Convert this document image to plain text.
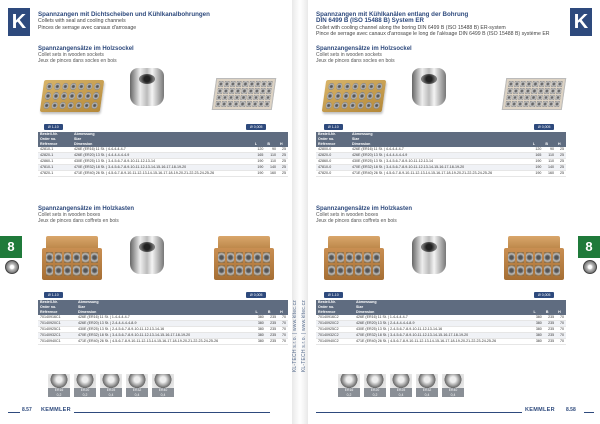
K	Spannzangen mit Dichtscheiben und Kühlkanalbohrungen
Collets with seal and cooling channels
Pinces de serrage avec canaux d'arrosage
Spannzangensätze im Holzsockel
Collet sets in wooden sockets
Jeux de pinces dans socles en bois
Ø 1-10	Ø 0,005
Bestell-Nr.
Order no.
Référence	Abmessung
Size
Dimension	L	B	H
42810-1	426E (ER16) 11 St. | 4-4-4-4-4-7	120	90	25
42820-1	426E (ER20) 13 St. | 4-4-4-4-4-4-9	165	110	25
42860-1	430E (ER25) 13 St. | 3-4-5-6-7-8-9-10-11-12-13-14	190	110	25
47810-1	470E (ER32) 18 St. | 3-4-5-6-7-8-9-10-11-12-13-14-15-16-17-18-19-20	190	140	25
47820-1	471E (ER40) 26 St. | 4-5-6-7-8-9-10-11-12-13-14-15-16-17-18-19-20-21-22-23-24-25-26	190	160	25
Spannzangensätze im Holzkasten
Collet sets in wooden boxes
Jeux de pinces dans coffrets en bois
Ø 1-10	Ø 0,005
Bestell-Nr.
Order no.
Référence	Abmessung
Size
Dimension	L	B	H
70140916C1	426E (ER16) 11 St. | 1-4-4-4-4-7	380	235	70
70140920C1	426E (ER20) 13 St. | 2-4-4-4-4-4-8-9	380	235	70
70140925C1	430E (ER25) 13 St. | 2-4-5-6-7-8-9-10-11-12-13-14-16	380	235	70
70140932C1	470E (ER32) 18 St. | 3-4-5-6-7-8-9-10-11-12-13-14-15-16-17-18-19-20	380	235	70
70140940C1	471E (ER40) 26 St. | 4-5-6-7-8-9-10-11-12-13-14-15-16-17-18-19-20-21-22-23-24-25-26	380	235	70
ER16
0,2
ER20
0,2
ER25
0,4
ER32
0,4
ER40
0,4
8
8.57	KEMMLER
KL-TECH s.r.o. | www.kltec.cz KL-TECH s.r.o. | www.kltec.cz
Spannzangen mit Kühlkanälen entlang der Bohrung
DIN 6499 B (ISO 15488 B) System ER
Collet with cooling channel along the boring DIN 6499 B (ISO 15488 B) ER-system
Pince de serrage avec canaux d'arrosage le long de l'alésage DIN 6499 B (ISO 15488 B) système ER
K
Spannzangensätze im Holzsockel
Collet sets in wooden sockets
Jeux de pinces dans socles en bois
Ø 1-10	Ø 0,005
Bestell-Nr.
Order no.
Référence	Abmessung
Size
Dimension	L	B	H
42800-0	426E (ER16) 11 St. | 4-4-4-4-4-7	120	90	25
42820-0	426E (ER20) 13 St. | 4-4-4-4-4-4-9	165	110	25
42860-0	430E (ER25) 13 St. | 3-4-5-6-7-8-9-10-11-12-13-14	190	110	25
47810-0	470E (ER32) 18 St. | 3-4-5-6-7-8-9-10-11-12-13-14-15-16-17-18-19-20	190	140	25
47820-0	471E (ER40) 26 St. | 4-5-6-7-8-9-10-11-12-13-14-15-16-17-18-19-20-21-22-23-24-25-26	190	160	25
Spannzangensätze im Holzkasten
Collet sets in wooden boxes
Jeux de pinces dans coffrets en bois
Ø 1-10	Ø 0,005
Bestell-Nr.
Order no.
Référence	Abmessung
Size
Dimension	L	B	H
70140916C2	426E (ER16) 11 St. | 1-4-4-4-4-7	380	235	70
70140920C2	426E (ER20) 13 St. | 2-4-4-4-4-4-8-9	380	235	70
70140925C2	430E (ER25) 13 St. | 2-4-5-6-7-8-9-10-11-12-13-14-16	380	235	70
70140932C2	470E (ER32) 18 St. | 3-4-5-6-7-8-9-10-11-12-13-14-15-16-17-18-19-20	380	235	70
70140940C2	471E (ER40) 26 St. | 4-5-6-7-8-9-10-11-12-13-14-15-16-17-18-19-20-21-22-23-24-25-26	380	235	70
ER16
0,2
ER20
0,2
ER25
0,4
ER32
0,4
ER40
0,4
8
KEMMLER	8.58
